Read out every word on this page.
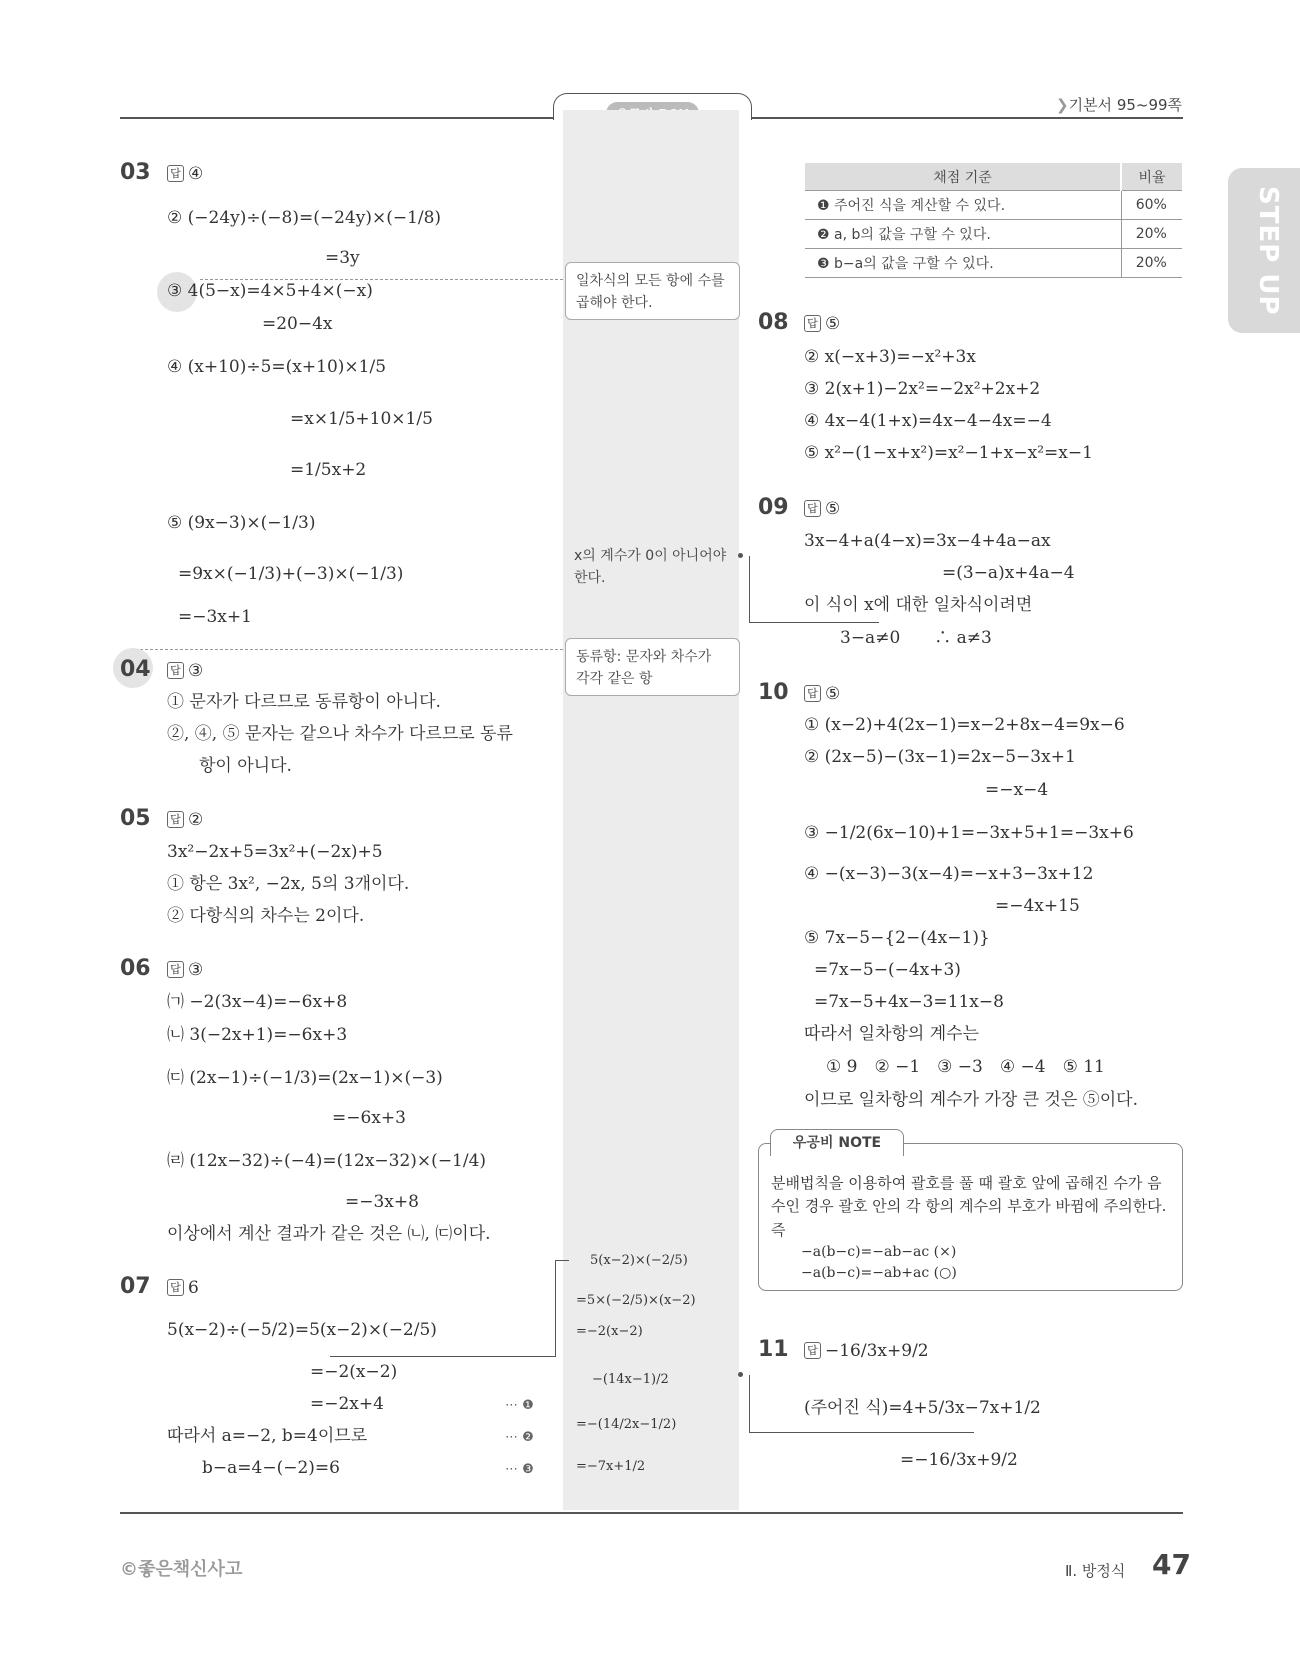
❯기본서 95~99쪽
STEP UP
03 답 ④
② (−24y)÷(−8)=(−24y)×(−1/8)
=3y
③ 4(5−x)=4×5+4×(−x)
=20−4x
④ (x+10)÷5=(x+10)×1/5
=x×1/5+10×1/5
=1/5x+2
⑤ (9x−3)×(−1/3)
=9x×(−1/3)+(−3)×(−1/3)
=−3x+1
04 답 ③
① 문자가 다르므로 동류항이 아니다.
②, ④, ⑤ 문자는 같으나 차수가 다르므로 동류
항이 아니다.
05 답 ②
3x²−2x+5=3x²+(−2x)+5
① 항은 3x², −2x, 5의 3개이다.
② 다항식의 차수는 2이다.
06 답 ③
㈀ −2(3x−4)=−6x+8
㈁ 3(−2x+1)=−6x+3
㈂ (2x−1)÷(−1/3)=(2x−1)×(−3)
=−6x+3
㈃ (12x−32)÷(−4)=(12x−32)×(−1/4)
=−3x+8
이상에서 계산 결과가 같은 것은 ㈁, ㈂이다.
07 답 6
5(x−2)÷(−5/2)=5(x−2)×(−2/5)
=−2(x−2)
=−2x+4
따라서 a=−2, b=4이므로
b−a=4−(−2)=6
⋯ ❶
⋯ ❷
⋯ ❸
일차식의 모든 항에 수를 곱해야 한다.
동류항: 문자와 차수가 각각 같은 항
x의 계수가 0이 아니어야 한다.
5(x−2)×(−2/5)
=5×(−2/5)×(x−2)
=−2(x−2)
−(14x−1)/2
=−(14/2x−1/2)
=−7x+1/2
채점 기준	비율
❶ 주어진 식을 계산할 수 있다.	60%
❷ a, b의 값을 구할 수 있다.	20%
❸ b−a의 값을 구할 수 있다.	20%
08 답 ⑤
② x(−x+3)=−x²+3x
③ 2(x+1)−2x²=−2x²+2x+2
④ 4x−4(1+x)=4x−4−4x=−4
⑤ x²−(1−x+x²)=x²−1+x−x²=x−1
09 답 ⑤
3x−4+a(4−x)=3x−4+4a−ax
=(3−a)x+4a−4
이 식이 x에 대한 일차식이려면
3−a≠0　　∴ a≠3
10 답 ⑤
① (x−2)+4(2x−1)=x−2+8x−4=9x−6
② (2x−5)−(3x−1)=2x−5−3x+1
=−x−4
③ −1/2(6x−10)+1=−3x+5+1=−3x+6
④ −(x−3)−3(x−4)=−x+3−3x+12
=−4x+15
⑤ 7x−5−{2−(4x−1)}
=7x−5−(−4x+3)
=7x−5+4x−3=11x−8
따라서 일차항의 계수는
① 9　② −1　③ −3　④ −4　⑤ 11
이므로 일차항의 계수가 가장 큰 것은 ⑤이다.
분배법칙을 이용하여 괄호를 풀 때 괄호 앞에 곱해진 수가 음수인 경우 괄호 안의 각 항의 계수의 부호가 바뀜에 주의한다. 즉
−a(b−c)=−ab−ac (×)
−a(b−c)=−ab+ac (○)
우공비 NOTE
11 답 −16/3x+9/2
(주어진 식)=4+5/3x−7x+1/2
=−16/3x+9/2
©좋은책신사고	Ⅱ. 방정식 47
